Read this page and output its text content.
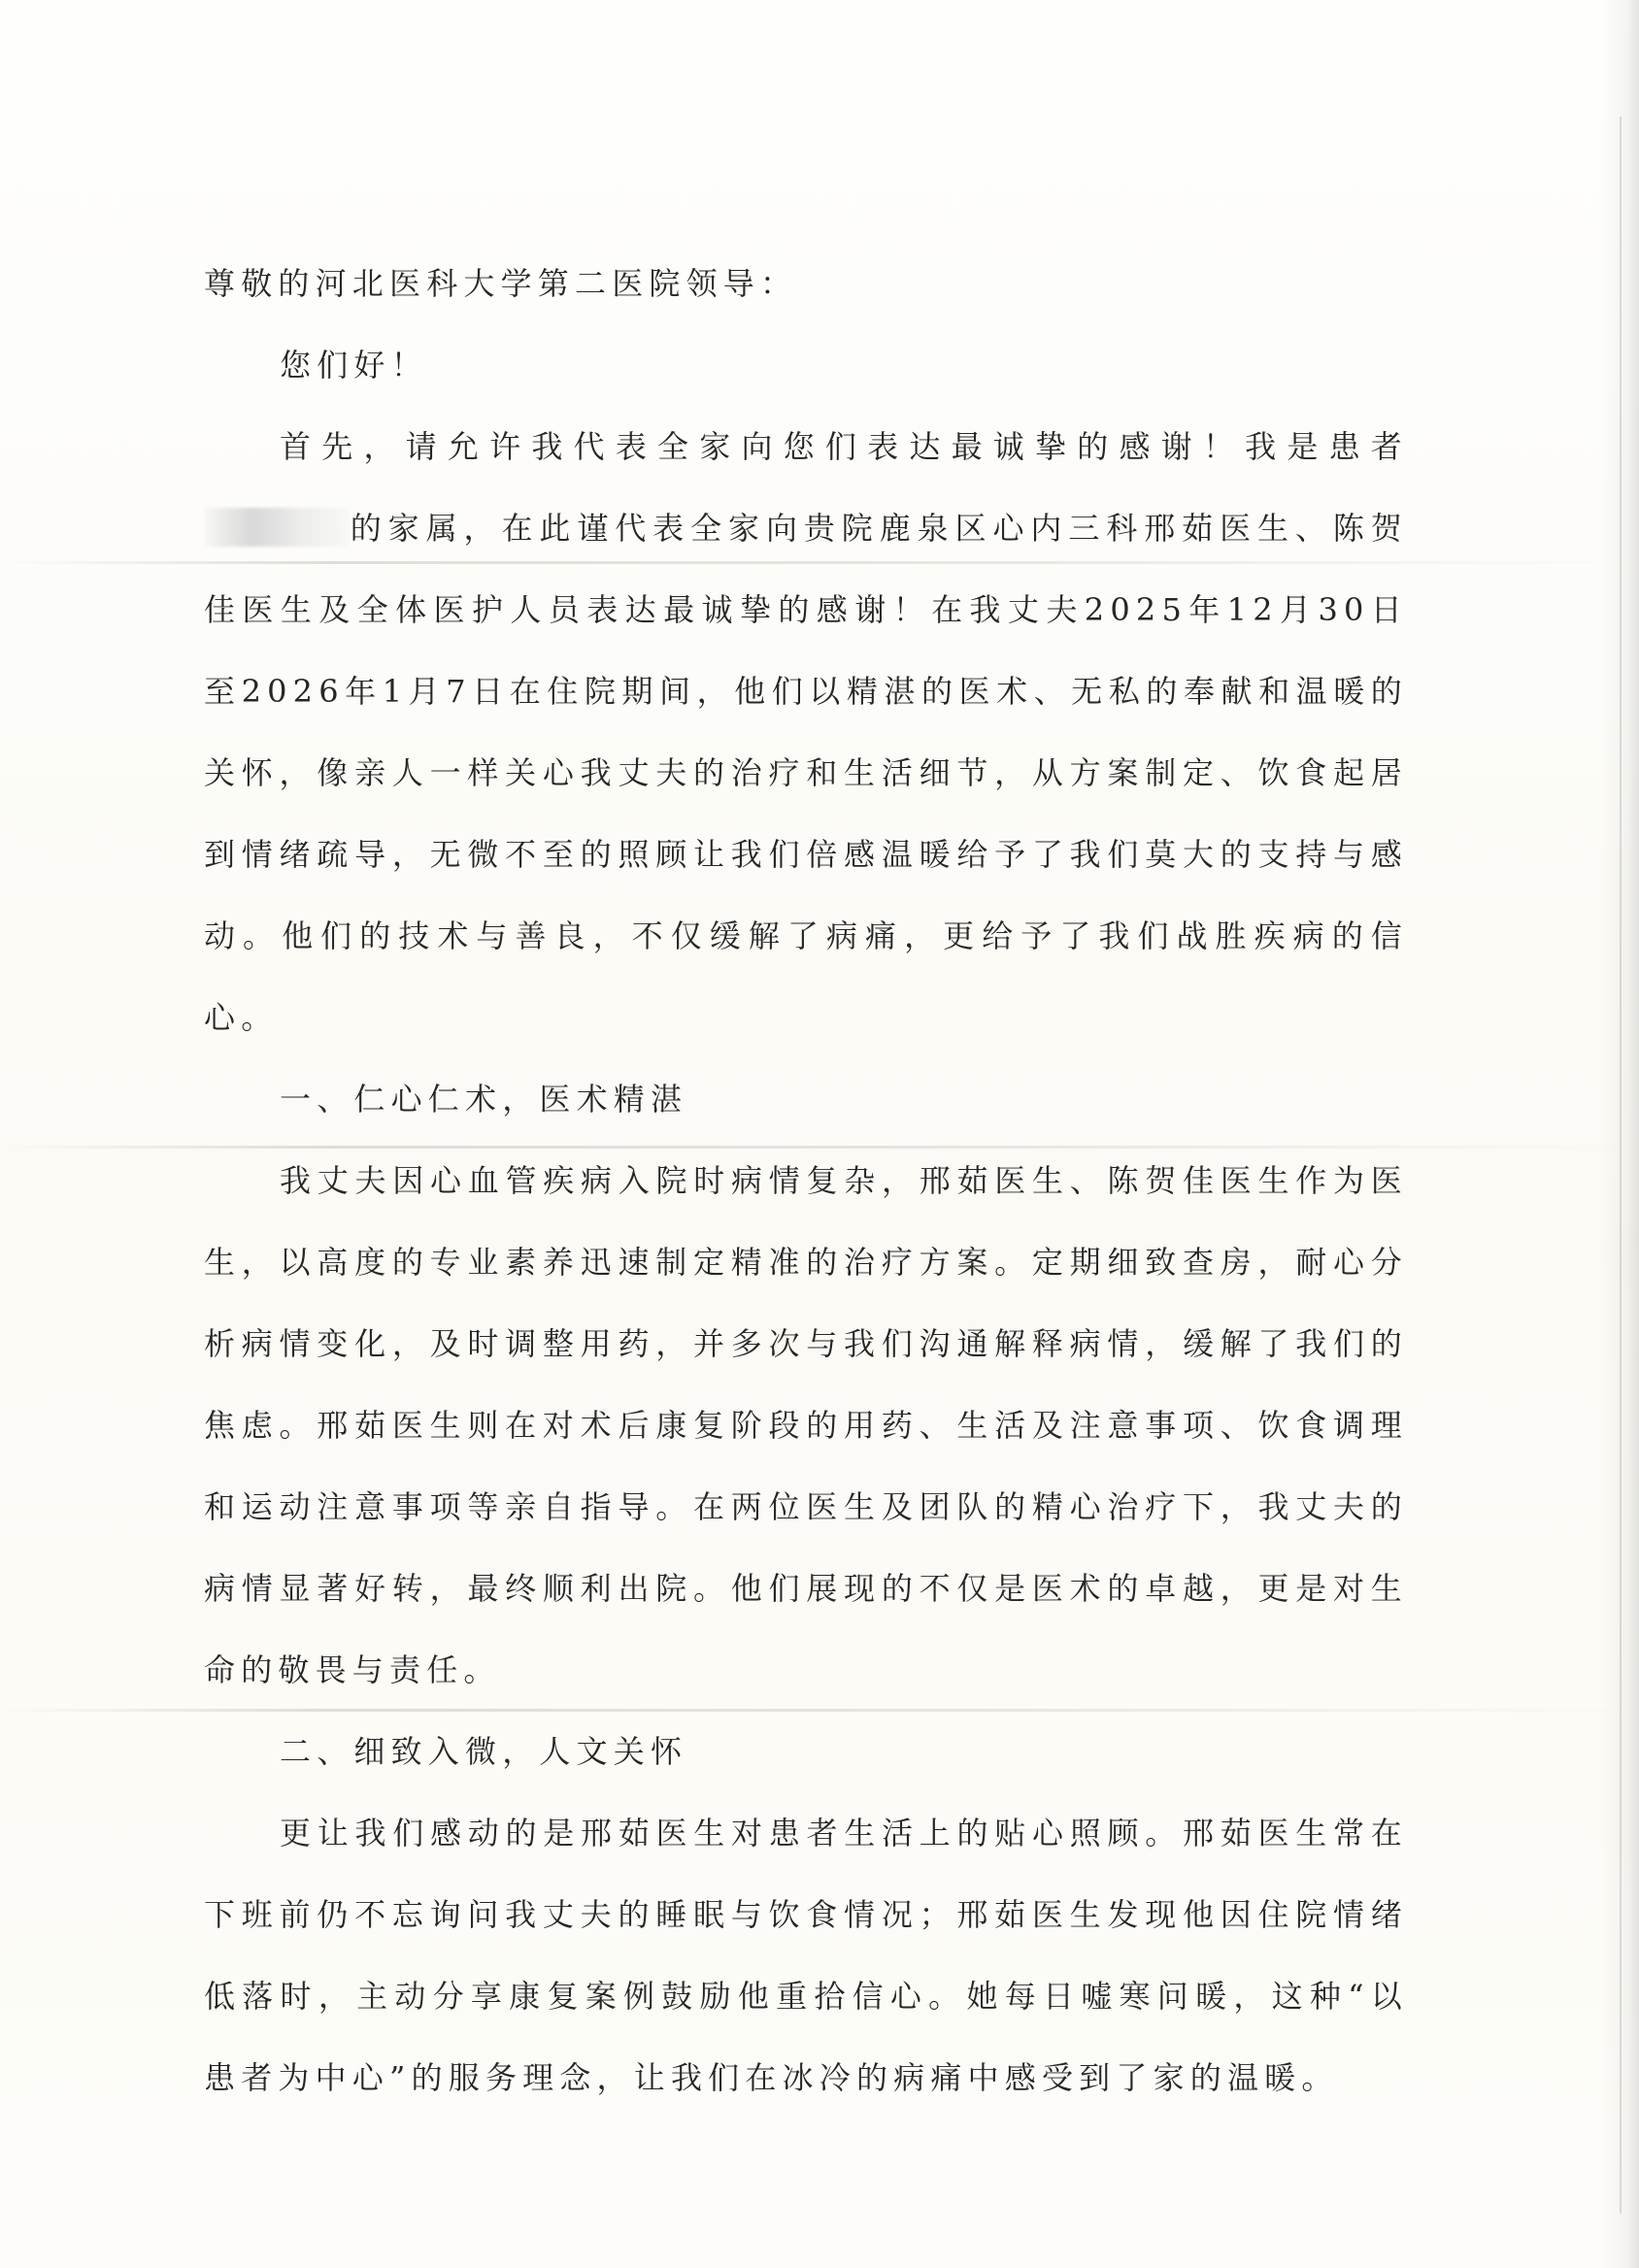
尊敬的河北医科大学第二医院领导：

您们好！

首先，请允许我代表全家向您们表达最诚挚的感谢！我是患者的家属，在此谨代表全家向贵院鹿泉区心内三科邢茹医生、陈贺佳医生及全体医护人员表达最诚挚的感谢！在我丈夫2025年12月30日至2026年1月7日在住院期间，他们以精湛的医术、无私的奉献和温暖的关怀，像亲人一样关心我丈夫的治疗和生活细节，从方案制定、饮食起居到情绪疏导，无微不至的照顾让我们倍感温暖给予了我们莫大的支持与感动。他们的技术与善良，不仅缓解了病痛，更给予了我们战胜疾病的信心。

一、仁心仁术，医术精湛

我丈夫因心血管疾病入院时病情复杂，邢茹医生、陈贺佳医生作为医生，以高度的专业素养迅速制定精准的治疗方案。定期细致查房，耐心分析病情变化，及时调整用药，并多次与我们沟通解释病情，缓解了我们的焦虑。邢茹医生则在对术后康复阶段的用药、生活及注意事项、饮食调理和运动注意事项等亲自指导。在两位医生及团队的精心治疗下，我丈夫的病情显著好转，最终顺利出院。他们展现的不仅是医术的卓越，更是对生命的敬畏与责任。

二、细致入微，人文关怀

更让我们感动的是邢茹医生对患者生活上的贴心照顾。邢茹医生常在下班前仍不忘询问我丈夫的睡眠与饮食情况；邢茹医生发现他因住院情绪低落时，主动分享康复案例鼓励他重拾信心。她每日嘘寒问暖，这种“以患者为中心”的服务理念，让我们在冰冷的病痛中感受到了家的温暖。
